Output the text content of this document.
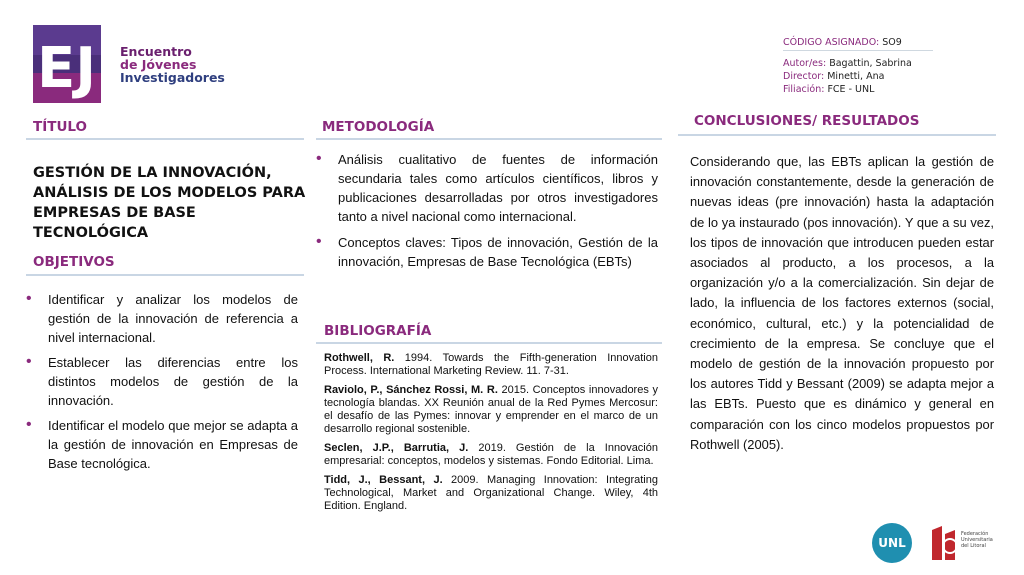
EJI Encuentro
de Jóvenes
Investigadores
CÓDIGO ASIGNADO: SO9
Autor/es: Bagattin, Sabrina
Director: Minetti, Ana
Filiación: FCE - UNL
TÍTULO
GESTIÓN DE LA INNOVACIÓN, ANÁLISIS DE LOS MODELOS PARA EMPRESAS DE BASE TECNOLÓGICA
OBJETIVOS
• Identificar y analizar los modelos de gestión de la innovación de referencia a nivel internacional.
• Establecer las diferencias entre los distintos modelos de gestión de la innovación.
• Identificar el modelo que mejor se adapta a la gestión de innovación en Empresas de Base tecnológica.
METODOLOGÍA
• Análisis cualitativo de fuentes de información secundaria tales como artículos científicos, libros y publicaciones desarrolladas por otros investigadores tanto a nivel nacional como internacional.
• Conceptos claves: Tipos de innovación, Gestión de la innovación, Empresas de Base Tecnológica (EBTs)
BIBLIOGRAFÍA

Rothwell, R. 1994. Towards the Fifth-generation Innovation Process. International Marketing Review. 11. 7-31.

Raviolo, P., Sánchez Rossi, M. R. 2015. Conceptos innovadores y tecnología blandas. XX Reunión anual de la Red Pymes Mercosur: el desafío de las Pymes: innovar y emprender en el marco de un desarrollo regional sostenible.

Seclen, J.P., Barrutia, J. 2019. Gestión de la Innovación empresarial: conceptos, modelos y sistemas. Fondo Editorial. Lima.

Tidd, J., Bessant, J. 2009. Managing Innovation: Integrating Technological, Market and Organizational Change. Wiley, 4th Edition. England.

CONCLUSIONES/ RESULTADOS
Considerando que, las EBTs aplican la gestión de innovación constantemente, desde la generación de nuevas ideas (pre innovación) hasta la adaptación de lo ya instaurado (pos innovación). Y que a su vez, los tipos de innovación que introducen pueden estar asociados al producto, a los procesos, a la organización y/o a la comercialización. Sin dejar de lado, la influencia de los factores externos (social, económico, cultural, etc.) y la potencialidad de crecimiento de la empresa. Se concluye que el modelo de gestión de la innovación propuesto por los autores Tidd y Bessant (2009) se adapta mejor a las EBTs. Puesto que es dinámico y general en comparación con los cinco modelos propuestos por Rothwell (2005).
UNL
Federación Universitaria del Litoral
